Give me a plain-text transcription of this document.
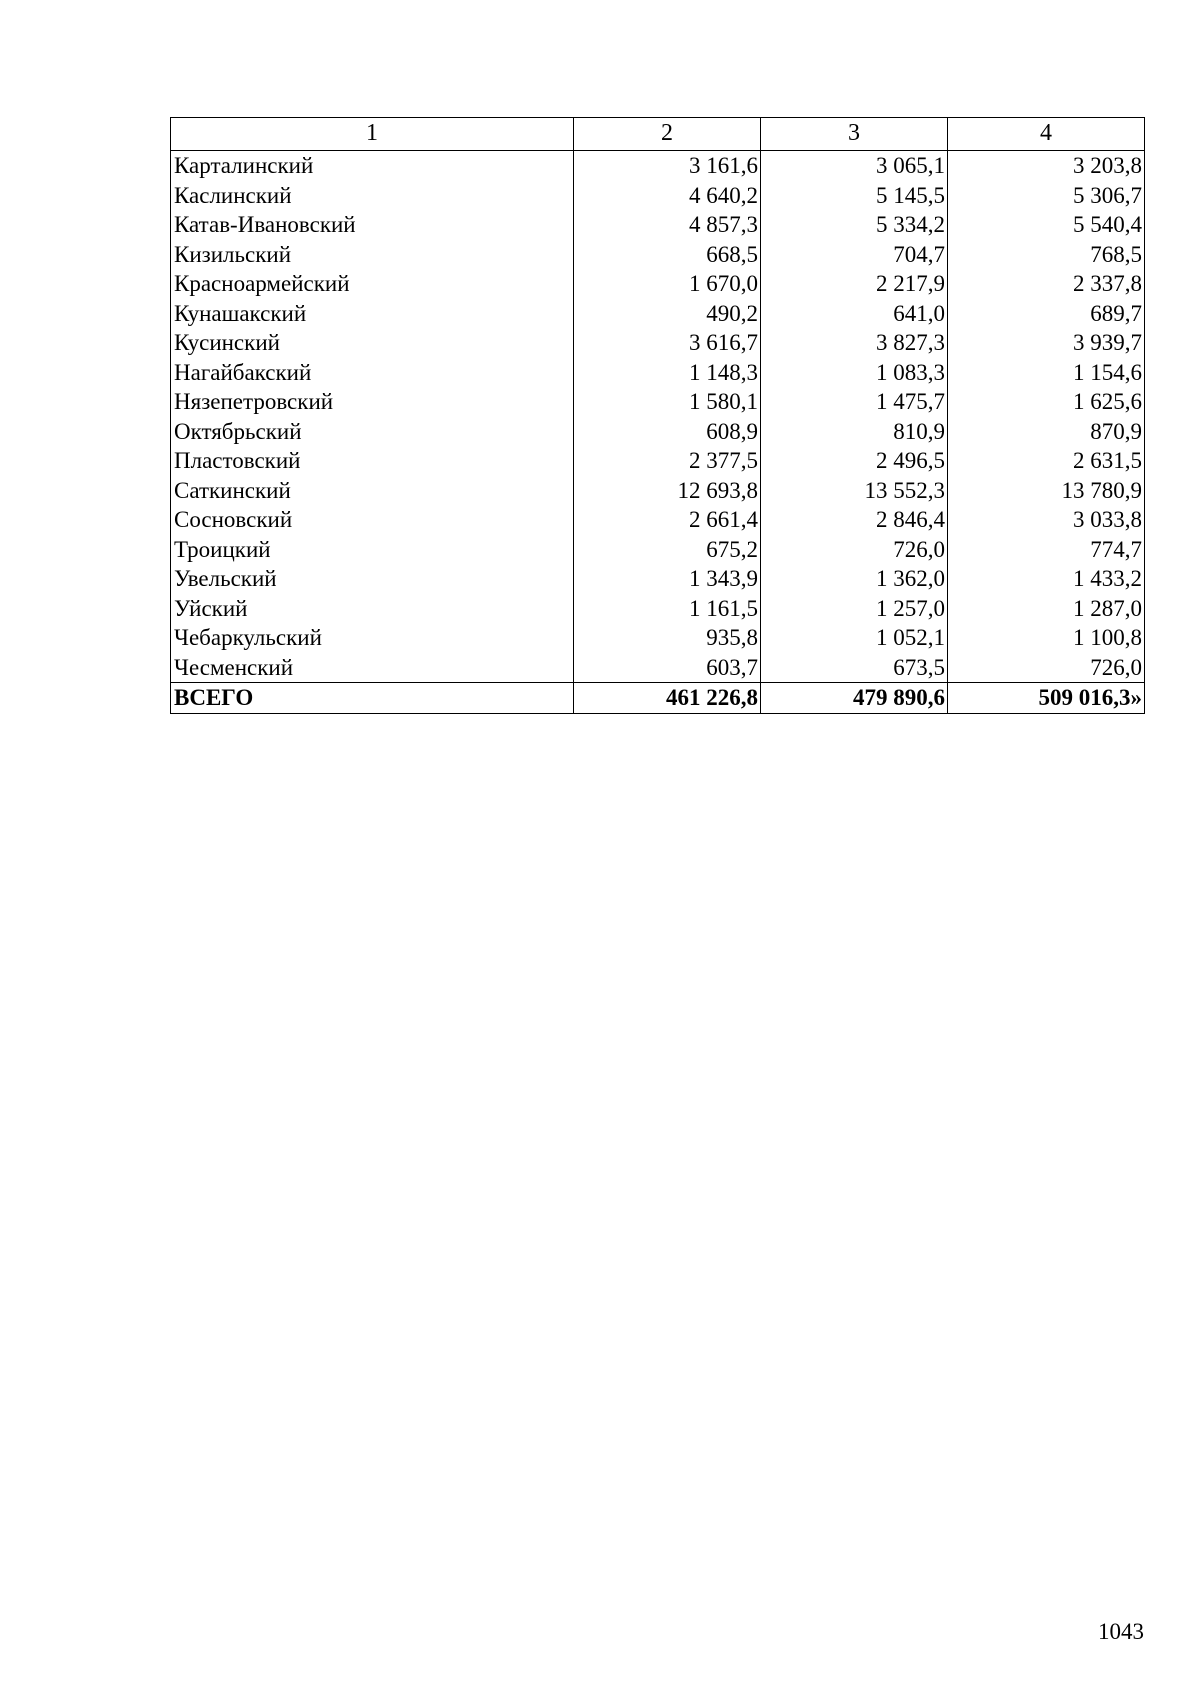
1	2	3	4
Карталинский	3 161,6	3 065,1	3 203,8
Каслинский	4 640,2	5 145,5	5 306,7
Катав-Ивановский	4 857,3	5 334,2	5 540,4
Кизильский	668,5	704,7	768,5
Красноармейский	1 670,0	2 217,9	2 337,8
Кунашакский	490,2	641,0	689,7
Кусинский	3 616,7	3 827,3	3 939,7
Нагайбакский	1 148,3	1 083,3	1 154,6
Нязепетровский	1 580,1	1 475,7	1 625,6
Октябрьский	608,9	810,9	870,9
Пластовский	2 377,5	2 496,5	2 631,5
Саткинский	12 693,8	13 552,3	13 780,9
Сосновский	2 661,4	2 846,4	3 033,8
Троицкий	675,2	726,0	774,7
Увельский	1 343,9	1 362,0	1 433,2
Уйский	1 161,5	1 257,0	1 287,0
Чебаркульский	935,8	1 052,1	1 100,8
Чесменский	603,7	673,5	726,0
ВСЕГО	461 226,8	479 890,6	509 016,3»
1043
